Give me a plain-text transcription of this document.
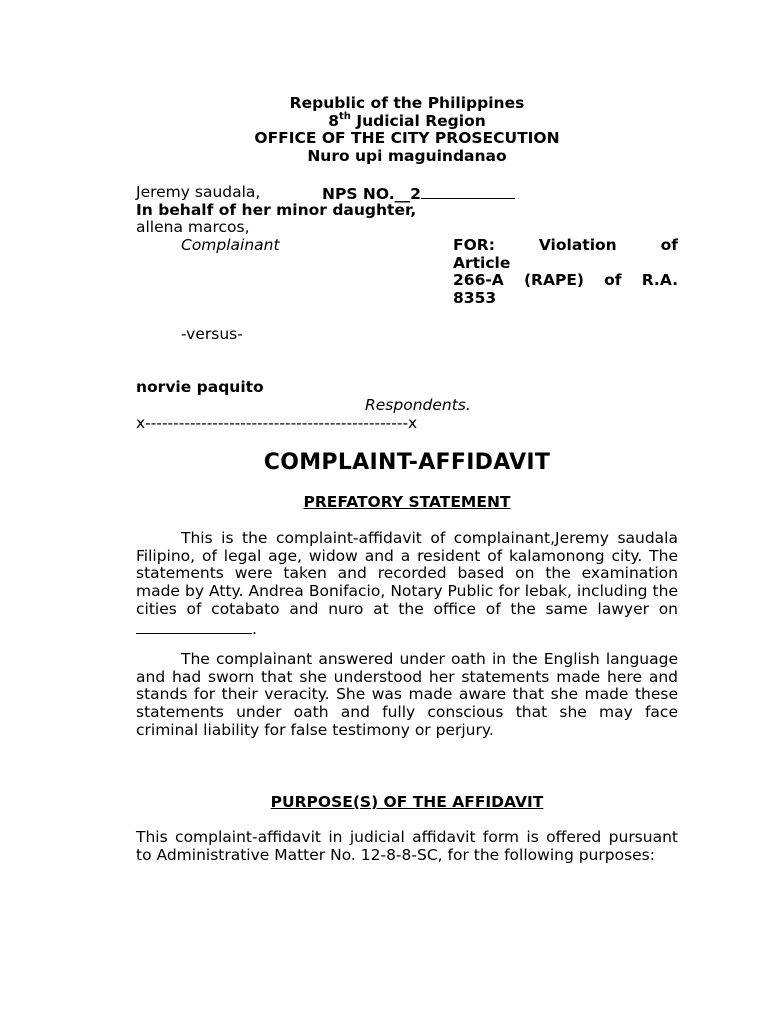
Republic of the Philippines
8th Judicial Region
OFFICE OF THE CITY PROSECUTION
Nuro upi maguindanao
Jeremy saudala,	NPS NO.__2
In behalf of her minor daughter,
allena marcos,
Complainant	FOR:   Violation   of
Article
266-A  (RAPE)  of  R.A.
8353
-versus-
norvie paquito
Respondents.
x-----------------------------------------------x
COMPLAINT-AFFIDAVIT
PREFATORY STATEMENT
This is the complaint-affidavit of complainant,Jeremy saudala Filipino, of legal age, widow and a resident of kalamonong city. The statements were taken and recorded based on the examination made by Atty. Andrea Bonifacio, Notary Public for lebak, including the cities of cotabato and nuro at the office of the same lawyer on .
The complainant answered under oath in the English language and had sworn that she understood her statements made here and stands for their veracity. She was made aware that she made these statements under oath and fully conscious that she may face criminal liability for false testimony or perjury.
PURPOSE(S) OF THE AFFIDAVIT
This complaint-affidavit in judicial affidavit form is offered pursuant to Administrative Matter No. 12-8-8-SC, for the following purposes:
